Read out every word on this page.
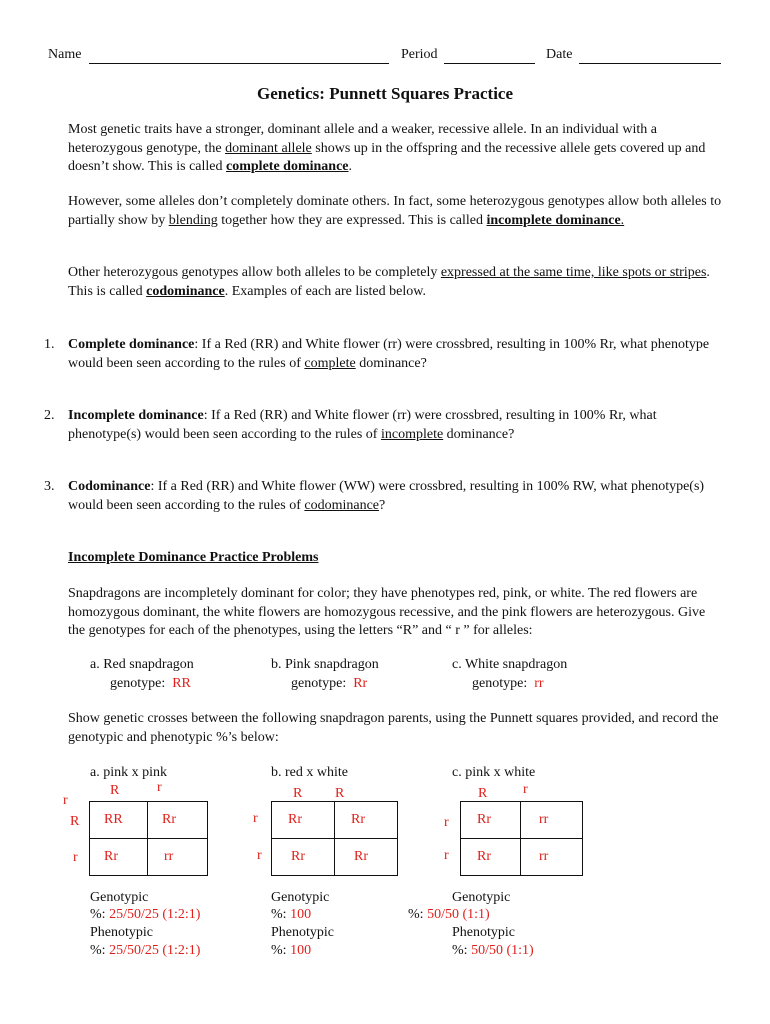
Name	Period	Date
Genetics: Punnett Squares Practice
Most genetic traits have a stronger, dominant allele and a weaker, recessive allele. In an individual with a heterozygous genotype, the dominant allele shows up in the offspring and the recessive allele gets covered up and doesn’t show. This is called complete dominance.
However, some alleles don’t completely dominate others. In fact, some heterozygous genotypes allow both alleles to partially show by blending together how they are expressed. This is called incomplete dominance.
Other heterozygous genotypes allow both alleles to be completely expressed at the same time, like spots or stripes. This is called codominance. Examples of each are listed below.
1. Complete dominance: If a Red (RR) and White flower (rr) were crossbred, resulting in 100% Rr, what phenotype would been seen according to the rules of complete dominance?
2. Incomplete dominance: If a Red (RR) and White flower (rr) were crossbred, resulting in 100% Rr, what phenotype(s) would been seen according to the rules of incomplete dominance?
3. Codominance: If a Red (RR) and White flower (WW) were crossbred, resulting in 100% RW, what phenotype(s) would been seen according to the rules of codominance?
Incomplete Dominance Practice Problems
Snapdragons are incompletely dominant for color; they have phenotypes red, pink, or white. The red flowers are homozygous dominant, the white flowers are homozygous recessive, and the pink flowers are heterozygous. Give the genotypes for each of the phenotypes, using the letters “R” and “ r ” for alleles:
a. Red snapdragon
genotype: RR
b. Pink snapdragon
genotype: Rr
c. White snapdragon
genotype: rr
Show genetic crosses between the following snapdragon parents, using the Punnett squares provided, and record the genotypic and phenotypic %’s below:
a. pink x pink
R	r
r
R
r
RR	Rr
Rr	rr
Genotypic
%: 25/50/25 (1:2:1)
Phenotypic
%: 25/50/25 (1:2:1)
b. red x white
R R
r
r
Rr	Rr
Rr	Rr
Genotypic
%: 100
Phenotypic
%: 100
c. pink x white
R	r
r
r
Rr	rr
Rr	rr
Genotypic
%: 50/50 (1:1)
Phenotypic
%: 50/50 (1:1)
